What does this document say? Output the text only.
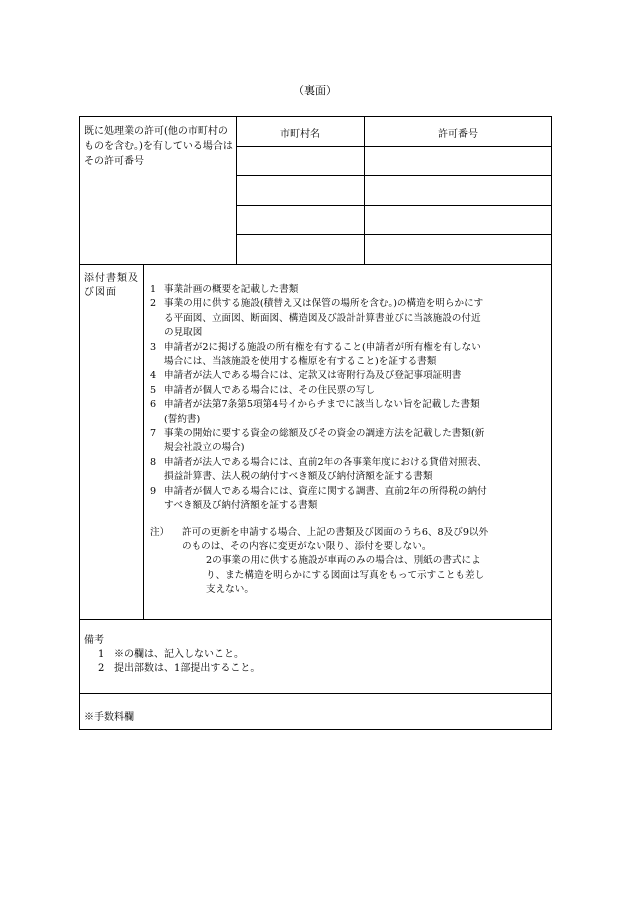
（裏面）
既に処理業の許可(他の市町村のものを含む。)を有している場合はその許可番号
市町村名	許可番号
添付書類及び図面	1 事業計画の概要を記載した書類
2 事業の用に供する施設(積替え又は保管の場所を含む。)の構造を明らかにする平面図、立面図、断面図、構造図及び設計計算書並びに当該施設の付近の見取図
3 申請者が2に掲げる施設の所有権を有すること(申請者が所有権を有しない場合には、当該施設を使用する権原を有すること)を証する書類
4 申請者が法人である場合には、定款又は寄附行為及び登記事項証明書
5 申請者が個人である場合には、その住民票の写し
6 申請者が法第7条第5項第4号イからチまでに該当しない旨を記載した書類(誓約書)
7 事業の開始に要する資金の総額及びその資金の調達方法を記載した書類(新規会社設立の場合)
8 申請者が法人である場合には、直前2年の各事業年度における貸借対照表、損益計算書、法人税の納付すべき額及び納付済額を証する書類
9 申請者が個人である場合には、資産に関する調書、直前2年の所得税の納付すべき額及び納付済額を証する書類
注）	許可の更新を申請する場合、上記の書類及び図面のうち6、8及び9以外のものは、その内容に変更がない限り、添付を要しない。
2の事業の用に供する施設が車両のみの場合は、別紙の書式により、また構造を明らかにする図面は写真をもって示すことも差し支えない。
備考
1 ※の欄は、記入しないこと。
2 提出部数は、1部提出すること。
※手数料欄
